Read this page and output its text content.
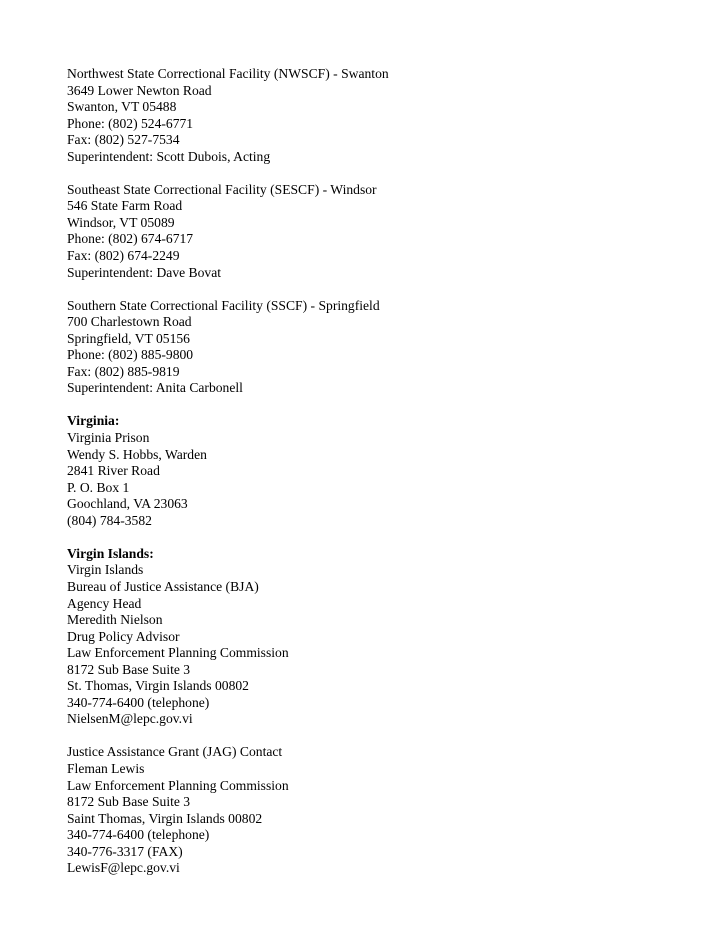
Northwest State Correctional Facility (NWSCF) - Swanton
3649 Lower Newton Road
Swanton, VT 05488
Phone: (802) 524-6771
Fax: (802) 527-7534
Superintendent: Scott Dubois, Acting
Southeast State Correctional Facility (SESCF) - Windsor
546 State Farm Road
Windsor, VT 05089
Phone: (802) 674-6717
Fax: (802) 674-2249
Superintendent: Dave Bovat
Southern State Correctional Facility (SSCF) - Springfield
700 Charlestown Road
Springfield, VT 05156
Phone: (802) 885-9800
Fax: (802) 885-9819
Superintendent: Anita Carbonell
Virginia:
Virginia Prison
Wendy S. Hobbs, Warden
2841 River Road
P. O. Box 1
Goochland, VA 23063
(804) 784-3582
Virgin Islands:
Virgin Islands
Bureau of Justice Assistance (BJA)
Agency Head
Meredith Nielson
Drug Policy Advisor
Law Enforcement Planning Commission
8172 Sub Base Suite 3
St. Thomas, Virgin Islands 00802
340-774-6400 (telephone)
NielsenM@lepc.gov.vi
Justice Assistance Grant (JAG) Contact
Fleman Lewis
Law Enforcement Planning Commission
8172 Sub Base Suite 3
Saint Thomas, Virgin Islands 00802
340-774-6400 (telephone)
340-776-3317 (FAX)
LewisF@lepc.gov.vi
